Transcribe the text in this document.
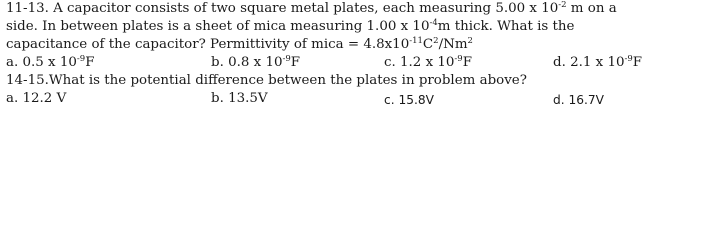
11-13. A capacitor consists of two square metal plates, each measuring 5.00 x $10^{-2}$ m on a
side. In between plates is a sheet of mica measuring 1.00 x $10^{-4}m$ thick. What is the
capacitance of the capacitor? Permittivity of mica = $4.8x10^{-11}C^2/Nm^2$
a. 0.5 x $10^{-9}F$	b. 0.8 x $10^{-9}F$	c. 1.2 x $10^{-9}F$	d. 2.1 x $10^{-9}F$
14-15.What is the potential difference between the plates in problem above?
a. 12.2 V	b. 13.5V	c. 15.8V	d. 16.7V
